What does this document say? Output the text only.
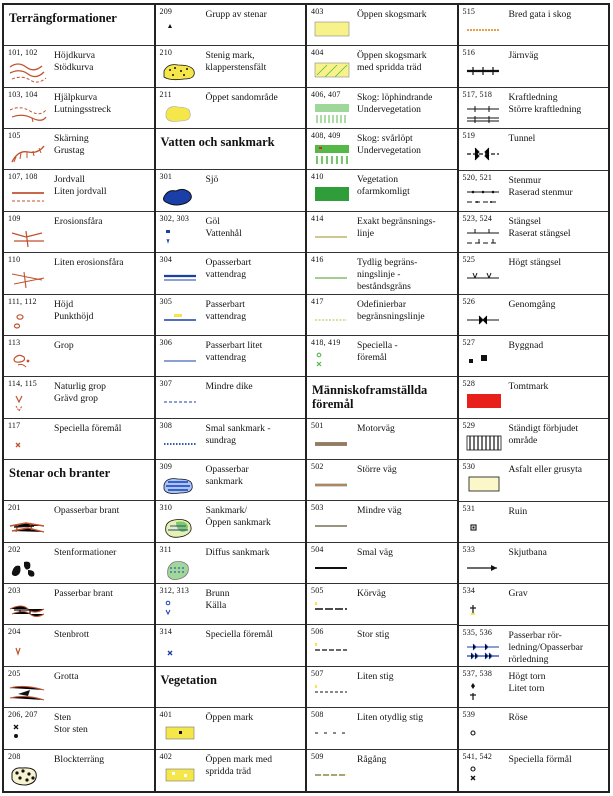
Terrängformationer
101, 102 Höjdkurva
Stödkurva
103, 104 Hjälpkurva
Lutningsstreck
105	Skärning
Grustag
107, 108 Jordvall
Liten jordvall
109	Erosionsfåra
110	Liten erosionsfåra
111, 112 Höjd
Punkthöjd
113	Grop
114, 115 Naturlig grop
Grävd grop
117	Speciella föremål
Stenar och branter
201	Opasserbar brant
202	Stenformationer
203	Passerbar brant
204	Stenbrott
205	Grotta
206, 207 Sten
Stor sten
208	Blockterräng
209	Grupp av stenar
210	Stenig mark,
klapperstensfält
211	Öppet sandområde
Vatten och sankmark
301	Sjö
302, 303 Göl
Vattenhål
304	Opasserbart
vattendrag
305	Passerbart
vattendrag
306	Passerbart litet
vattendrag
307	Mindre dike
308	Smal sankmark -
sundrag
309	Opasserbar
sankmark
310	Sankmark/
Öppen sankmark
311	Diffus sankmark
312, 313 Brunn
Källa
314	Speciella föremål
Vegetation
401	Öppen mark
402	Öppen mark med
spridda träd
403	Öppen skogsmark
404	Öppen skogsmark
med spridda träd
406, 407 Skog: löphindrande
Undervegetation
408, 409 Skog: svårlöpt
Undervegetation
410	Vegetation
ofarmkomligt
414	Exakt begränsnings-
linje
416	Tydlig begräns-
ningslinje -
beståndsgräns
417	Odefinierbar
begränsningslinje
418, 419 Speciella -
föremål
Människoframställda
föremål
501	Motorväg
502	Större väg
503	Mindre väg
504	Smal väg
505	Körväg
506	Stor stig
507	Liten stig
508	Liten otydlig stig
509	Rågång
515	Bred gata i skog
516	Järnväg
517, 518 Kraftledning
Större kraftledning
519	Tunnel
520, 521 Stenmur
Raserad stenmur
523, 524 Stängsel
Raserat stängsel
525	Högt stängsel
526	Genomgång
527	Byggnad
528	Tomtmark
529	Ständigt förbjudet
område
530	Asfalt eller grusyta
531	Ruin
533	Skjutbana
534	Grav
535, 536 Passerbar rör-
ledning/Opasserbar
rörledning
537, 538 Högt torn
Litet torn
539	Röse
541, 542 Speciella förmål
